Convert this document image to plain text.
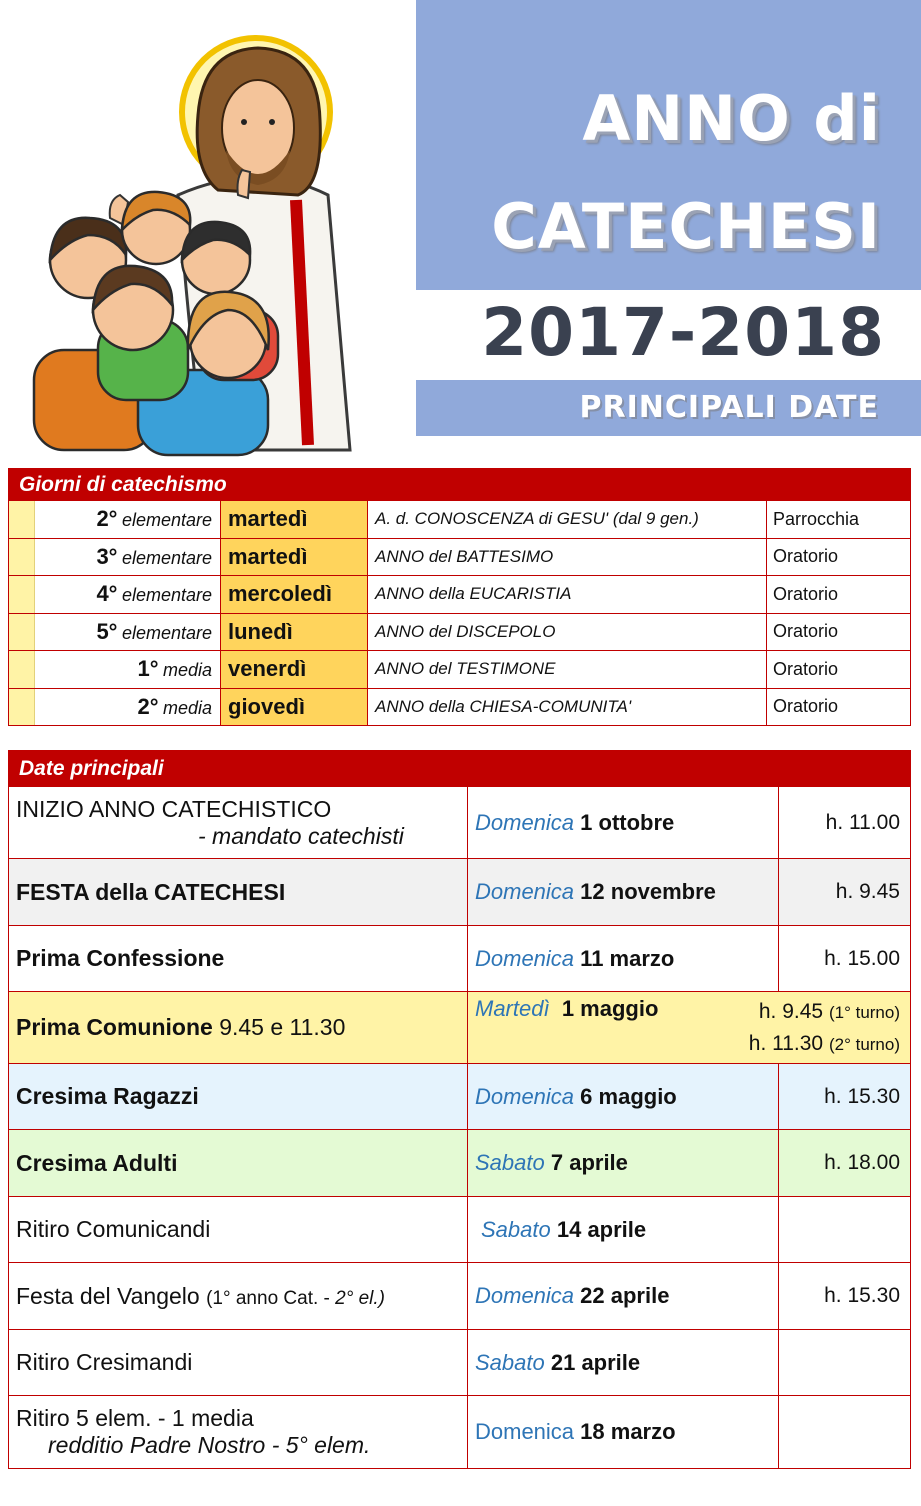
ANNO di
CATECHESI
2017-2018
PRINCIPALI DATE
Giorni di catechismo				
	2° elementare	martedì	A. d. CONOSCENZA di GESU' (dal 9 gen.)	Parrocchia
	3° elementare	martedì	ANNO del BATTESIMO	Oratorio
	4° elementare	mercoledì	ANNO della EUCARISTIA	Oratorio
	5° elementare	lunedì	ANNO del DISCEPOLO	Oratorio
	1° media	venerdì	ANNO del TESTIMONE	Oratorio
	2° media	giovedì	ANNO della CHIESA-COMUNITA'	Oratorio
Date principali		

INIZIO ANNO CATECHISTICO
- mandato catechisti	Domenica 1 ottobre	h. 11.00
FESTA della CATECHESI	Domenica 12 novembre	h. 9.45
Prima Confessione	Domenica 11 marzo	h. 15.00
Prima Comunione 9.45 e 11.30	Martedì 1 maggio h. 9.45 (1° turno)
h. 11.30 (2° turno)	

Cresima Ragazzi	Domenica 6 maggio	h. 15.30
Cresima Adulti	Sabato 7 aprile	h. 18.00
Ritiro Comunicandi	Sabato 14 aprile	
Festa del Vangelo (1° anno Cat. - 2° el.)	Domenica 22 aprile	h. 15.30
Ritiro Cresimandi	Sabato 21 aprile	

Ritiro 5 elem. - 1 media
redditio Padre Nostro - 5° elem.	Domenica 18 marzo	
